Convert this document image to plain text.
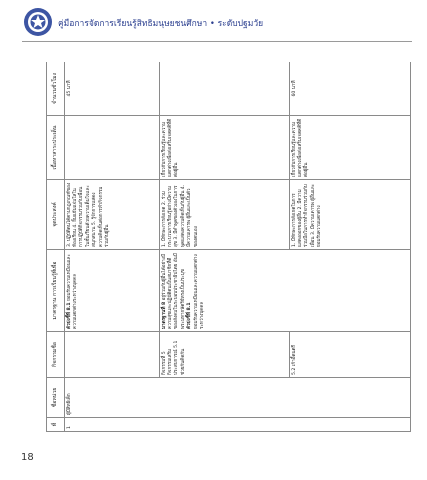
คู่มือการจัดการเรียนรู้สิทธิมนุษยชนศึกษา • ระดับปฐมวัย
ที่	ชื่อหน่วย	กิจกรรมชื่อ	มาตรฐาน การเรียนรู้ที่เพื่อ	จุดประสงค์	เนื้อหาสาระประเด็น	จำนวนชั่วโมง
1	ผู้มีสิทธิเด็ก		ตัวบ่งชี้ที่ 8.1 ยอมรับความเหมือนและความแตกต่างระหว่างบุคคล	3. ปฏิบัติตนได้ตามกฎเกณฑ์ของห้องเรียน 4. ยิ้มแย้มแจ่มใสในการปฏิบัติกิจกรรมร่วมกับเพื่อนในชั้นเรียนด้วยความเต็มใจและสนุกสนาน 5. รู้จักการแสดงความคิดเห็นต่อการทำกิจกรรมร่วมกับผู้อื่น		45 นาที
		กิจกรรมที่ 5 กิจกรรมเสริมประสบการณ์ 5.1 ช่วยกันคิดกัน	มาตรฐานที่ 8 อยู่ร่วมกับผู้อื่นได้อย่างมีความสุขและปฏิบัติตนเป็นสมาชิกที่ดีของสังคมในระบอบประชาธิปไตย อันมีพระมหากษัตริย์ทรงเป็นประมุข ตัวบ่งชี้ที่ 8.1 ยอมรับความเหมือนและความแตกต่างระหว่างบุคคล	1. มีทักษะการสังเกต 2. ร่วมกระบวนการเรียนรู้อย่างมีความสุข 3. มีคำพูดของตัวเองในการพูดแสดงความคิดเห็นกับผู้อื่น 4. มีความเคารพ ผู้อื่นและเป็นตัวของตนเอง	เกี่ยวกับการเรียนรู้และความแตกต่างเพื่อส่งเสริมเจตคติที่ดีต่อผู้อื่น	
		5.2 เก้าอี้ดนตรี		1. มีทักษะการสังเกตในการแสดงออกของผู้อื่น 2. มีความร่วมมือในการทำกิจกรรมร่วมกับเพื่อน 3. มีความเคารพ ผู้อื่นและยอมรับความแตกต่าง	เกี่ยวกับการเรียนรู้และความแตกต่างเพื่อส่งเสริมเจตคติที่ดีต่อผู้อื่น	60 นาที
18
